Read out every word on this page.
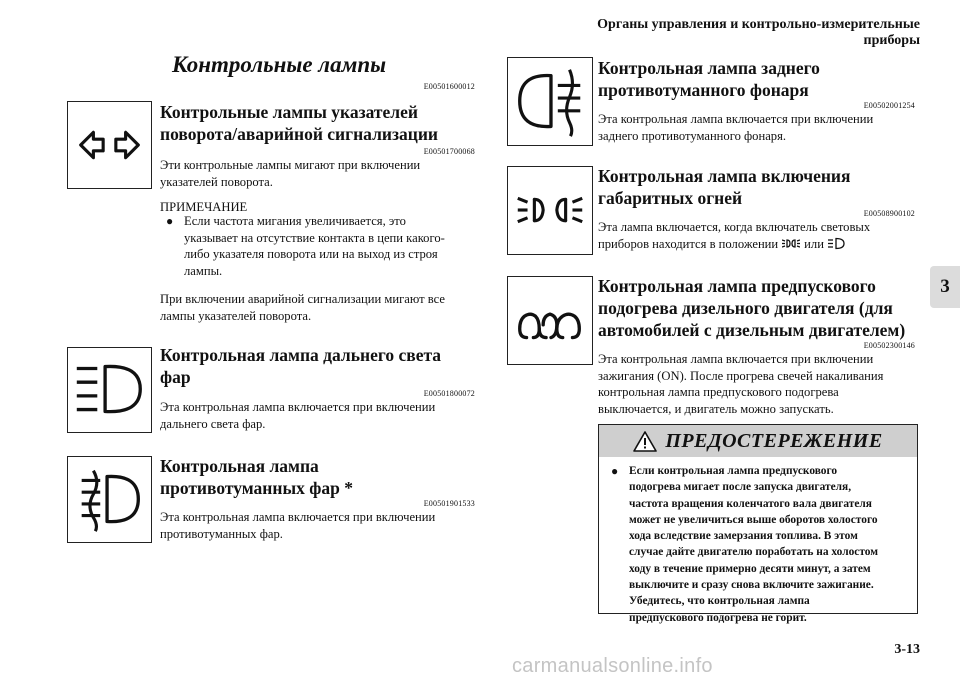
Органы управления и контрольно-измерительные приборы
Контрольные лампы
E00501600012
Контрольные лампы указателей
поворота/аварийной сигнализации
E00501700068
Эти контрольные лампы мигают при включении
указателей поворота.
ПРИМЕЧАНИЕ
● Если частота мигания увеличивается, это
указывает на отсутствие контакта в цепи какого-
либо указателя поворота или на выход из строя
лампы.
При включении аварийной сигнализации мигают все
лампы указателей поворота.
Контрольная лампа дальнего света
фар
E00501800072
Эта контрольная лампа включается при включении
дальнего света фар.
Контрольная лампа
противотуманных фар *
E00501901533
Эта контрольная лампа включается при включении
противотуманных фар.
Контрольная лампа заднего
противотуманного фонаря
E00502001254
Эта контрольная лампа включается при включении
заднего противотуманного фонаря.
Контрольная лампа включения
габаритных огней
E00508900102
Эта лампа включается, когда включатель световых
приборов находится в положении или
Контрольная лампа предпускового
подогрева дизельного двигателя (для
автомобилей с дизельным двигателем)
E00502300146
Эта контрольная лампа включается при включении
зажигания (ON). После прогрева свечей накаливания
контрольная лампа предпускового подогрева
выключается, и двигатель можно запускать.
ПРЕДОСТЕРЕЖЕНИЕ
● Если контрольная лампа предпускового
подогрева мигает после запуска двигателя,
частота вращения коленчатого вала двигателя
может не увеличиться выше оборотов холостого
хода вследствие замерзания топлива. В этом
случае дайте двигателю поработать на холостом
ходу в течение примерно десяти минут, а затем
выключите и сразу снова включите зажигание.
Убедитесь, что контрольная лампа
предпускового подогрева не горит.
3
3-13
carmanualsonline.info
